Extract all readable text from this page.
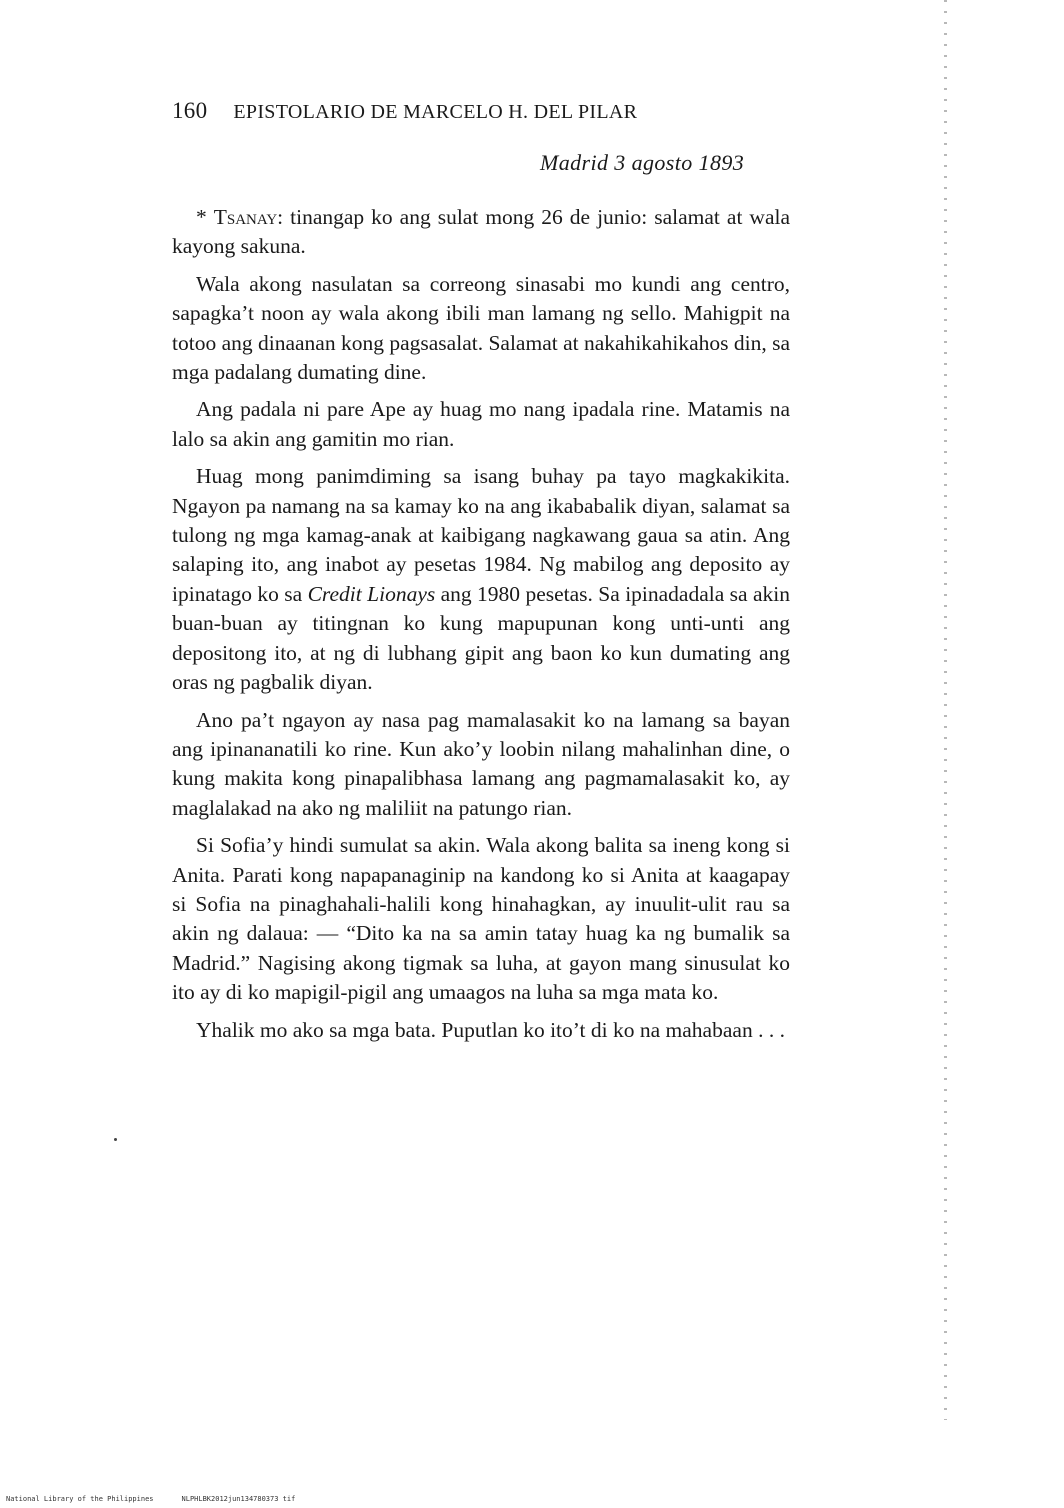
160 EPISTOLARIO DE MARCELO H. DEL PILAR
Madrid 3 agosto 1893

* Tsanay: tinangap ko ang sulat mong 26 de junio: salamat at wala kayong sakuna.

Wala akong nasulatan sa correong sinasabi mo kundi ang centro, sapagka’t noon ay wala akong ibili man lamang ng sello. Mahigpit na totoo ang dinaanan kong pagsasalat. Salamat at nakahikahikahos din, sa mga padalang dumating dine.

Ang padala ni pare Ape ay huag mo nang ipadala rine. Matamis na lalo sa akin ang gamitin mo rian.

Huag mong panimdiming sa isang buhay pa tayo magkakikita. Ngayon pa namang na sa kamay ko na ang ikababalik diyan, salamat sa tulong ng mga kamag-anak at kaibigang nagkawang gaua sa atin. Ang salaping ito, ang inabot ay pesetas 1984. Ng mabilog ang deposito ay ipinatago ko sa Credit Lionays ang 1980 pesetas. Sa ipinadadala sa akin buan-buan ay titingnan ko kung mapupunan kong unti-unti ang depositong ito, at ng di lubhang gipit ang baon ko kun dumating ang oras ng pagbalik diyan.

Ano pa’t ngayon ay nasa pag mamalasakit ko na lamang sa bayan ang ipinananatili ko rine. Kun ako’y loobin nilang mahalinhan dine, o kung makita kong pinapalibhasa lamang ang pagmamalasakit ko, ay maglalakad na ako ng maliliit na patungo rian.

Si Sofia’y hindi sumulat sa akin. Wala akong balita sa ineng kong si Anita. Parati kong napapanaginip na kandong ko si Anita at kaagapay si Sofia na pinaghahali-halili kong hinahagkan, ay inuulit-ulit rau sa akin ng dalaua: — “Dito ka na sa amin tatay huag ka ng bumalik sa Madrid.” Nagising akong tigmak sa luha, at gayon mang sinusulat ko ito ay di ko mapigil-pigil ang umaagos na luha sa mga mata ko.

Yhalik mo ako sa mga bata. Puputlan ko ito’t di ko na mahabaan . . .

National Library of the Philippines	NLPHLBK2012jun134780373 tif
